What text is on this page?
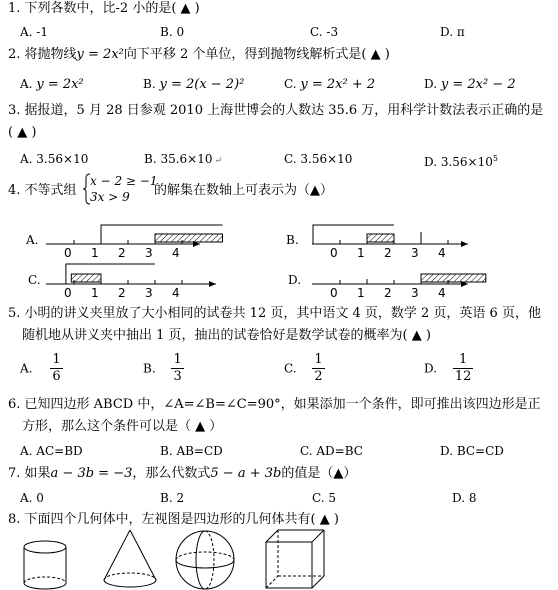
1. 下列各数中，比-2 小的是( ▲ )
A. -1	B. 0	C. -3	D. π
2. 将抛物线y = 2x²向下平移 2 个单位，得到抛物线解析式是( ▲ )
A. y = 2x²	B. y = 2(x − 2)²	C. y = 2x² + 2	D. y = 2x² − 2
3. 据报道，5 月 28 日参观 2010 上海世博会的人数达 35.6 万，用科学计数法表示正确的是
( ▲ )
A. 3.56×10	B. 35.6×10 ↵	C. 3.56×10	D. $3.56\times 10^5$
4. 不等式组
x − 2 ≥ −1
3x > 9 的解集在数轴上可表示为（▲）
A.
0 1 2 3 4
B.
0 1 2 3 4
C.
0 1 2 3 4
D.
0 1 2 3 4
5. 小明的讲义夹里放了大小相同的试卷共 12 页，其中语文 4 页，数学 2 页，英语 6 页，他
随机地从讲义夹中抽出 1 页，抽出的试卷恰好是数学试卷的概率为( ▲ )
A. $\frac{1}{6}$	B. $\frac{1}{3}$	C. $\frac{1}{2}$	D. $\frac{1}{12}$
6. 已知四边形 ABCD 中，∠A=∠B=∠C=90°，如果添加一个条件，即可推出该四边形是正
方形，那么这个条件可以是（ ▲ ）
A. AC=BD	B. AB=CD	C. AD=BC	D. BC=CD
7. 如果a − 3b = −3，那么代数式5 − a + 3b的值是（▲）
A. 0	B. 2	C. 5	D. 8
8. 下面四个几何体中，左视图是四边形的几何体共有( ▲ )
